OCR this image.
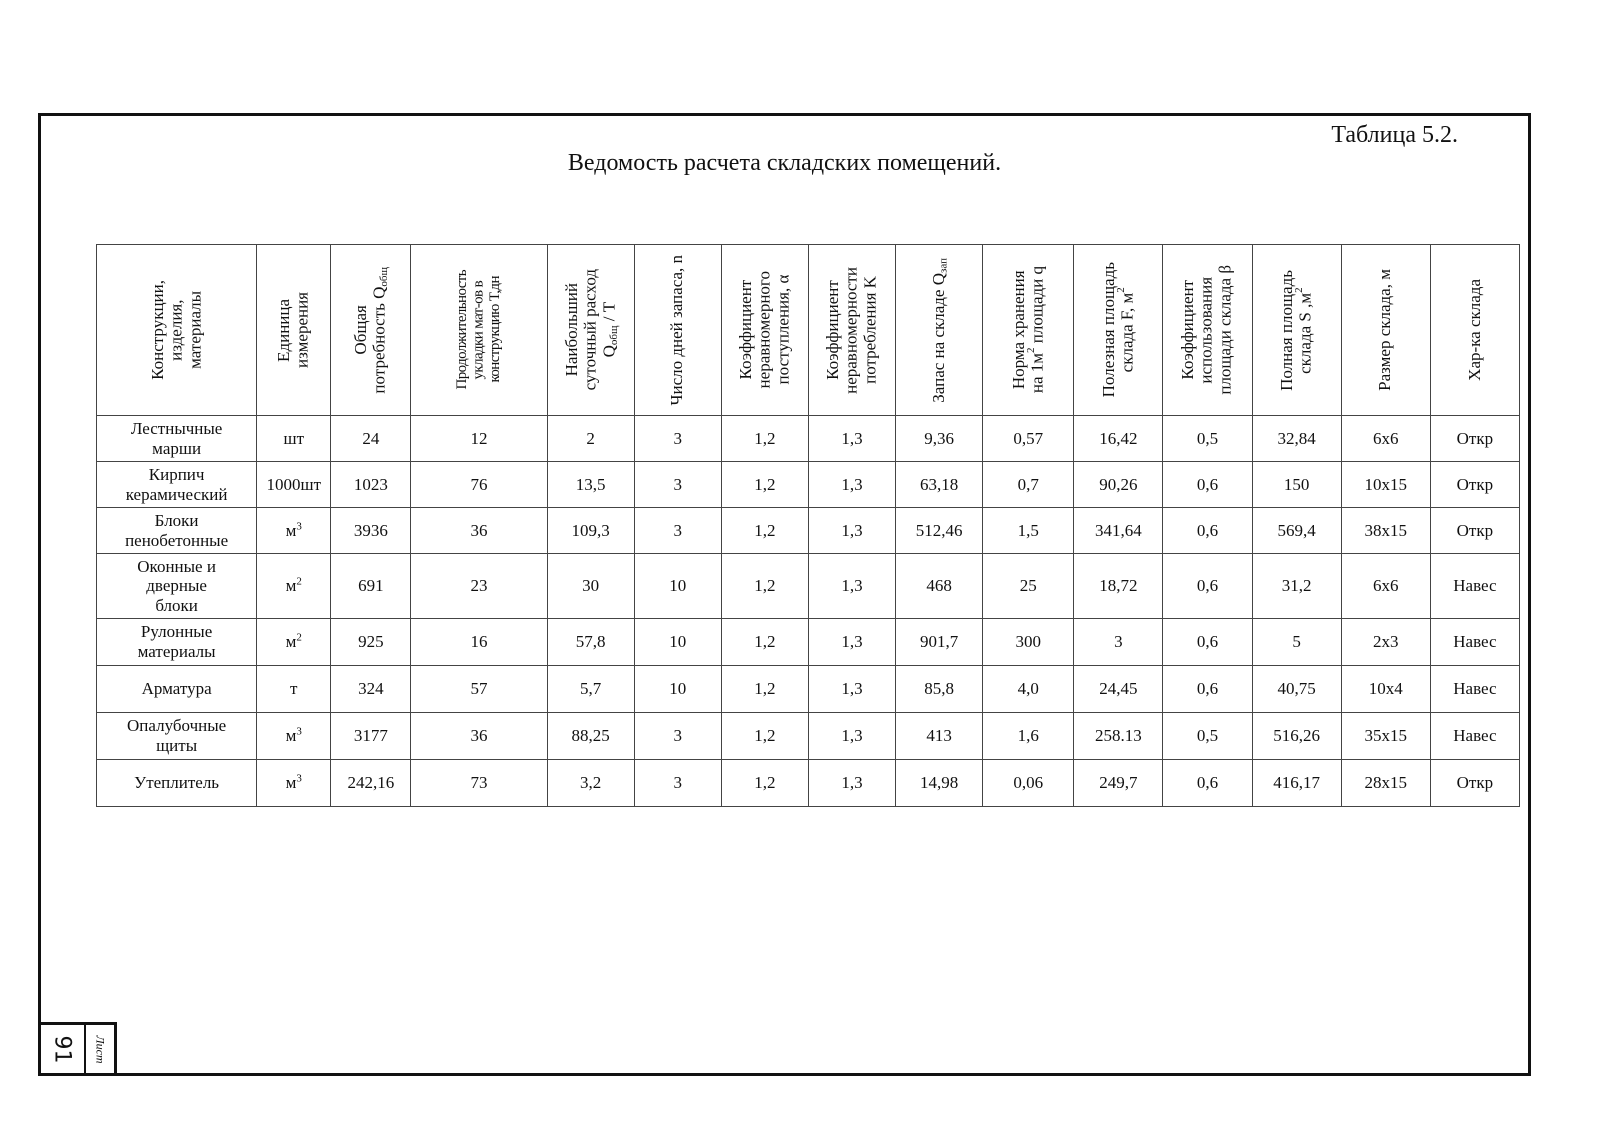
Таблица 5.2.
Ведомость расчета складских помещений.
Конструкции,
изделия,
материалы	Единица
измерения	Общая
потребность $Q_{общ}$	Продолжительность
укладки мат-ов в
конструкцию T,дн	Наибольший
суточный расход
$Q_{общ}$ / T	Число дней запаса, n	Коэффициент
неравномерного
поступления, α	Коэффициент
неравномерности
потребления K	Запас на складе $Q_{зап}$	Норма хранения
на $1м^2$ площади q	Полезная площадь
склада F, $м^2$	Коэффициент
использования
площади склада β	Полная площадь
склада S $,м^2$	Размер склада, м	Хар-ка склада

Лестнычные
марши	шт	24	12	2	3	1,2	1,3	9,36	0,57	16,42	0,5	32,84	6x6	Откр
Кирпич
керамический	1000шт	1023	76	13,5	3	1,2	1,3	63,18	0,7	90,26	0,6	150	10x15	Откр
Блоки
пенобетонные	$м^3$	3936	36	109,3	3	1,2	1,3	512,46	1,5	341,64	0,6	569,4	38x15	Откр
Оконные и
дверные
блоки	$м^2$	691	23	30	10	1,2	1,3	468	25	18,72	0,6	31,2	6x6	Навес
Рулонные
материалы	$м^2$	925	16	57,8	10	1,2	1,3	901,7	300	3	0,6	5	2x3	Навес
Арматура	т	324	57	5,7	10	1,2	1,3	85,8	4,0	24,45	0,6	40,75	10x4	Навес
Опалубочные
щиты	$м^3$	3177	36	88,25	3	1,2	1,3	413	1,6	258.13	0,5	516,26	35x15	Навес
Утеплитель	$м^3$	242,16	73	3,2	3	1,2	1,3	14,98	0,06	249,7	0,6	416,17	28x15	Откр
91 Лист
